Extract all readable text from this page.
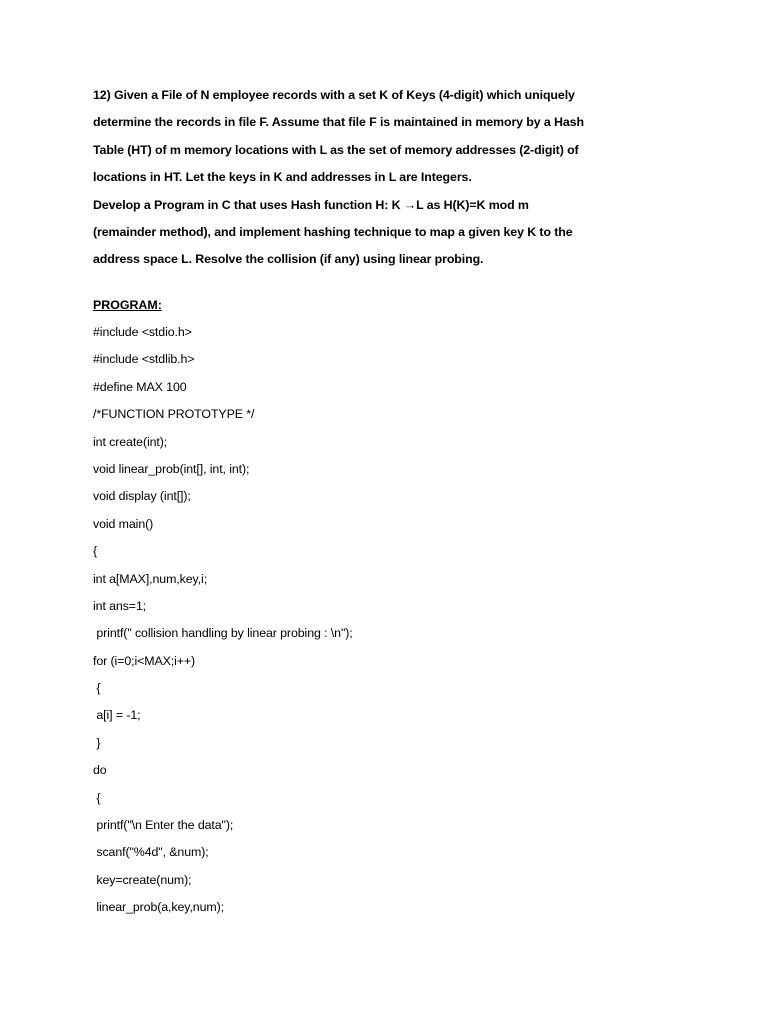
12) Given a File of N employee records with a set K of Keys (4-digit) which uniquely
determine the records in file F. Assume that file F is maintained in memory by a Hash
Table (HT) of m memory locations with L as the set of memory addresses (2-digit) of
locations in HT. Let the keys in K and addresses in L are Integers.
Develop a Program in C that uses Hash function H: K →L as H(K)=K mod m
(remainder method), and implement hashing technique to map a given key K to the
address space L. Resolve the collision (if any) using linear probing.
PROGRAM:
#include <stdio.h>
#include <stdlib.h>
#define MAX 100
/*FUNCTION PROTOTYPE */
int create(int);
void linear_prob(int[], int, int);
void display (int[]);
void main()
{
int a[MAX],num,key,i;
int ans=1;
printf(" collision handling by linear probing : \n");
for (i=0;i<MAX;i++)
{
a[i] = -1;
}
do
{
printf("\n Enter the data");
scanf("%4d", &num);
key=create(num);
linear_prob(a,key,num);
